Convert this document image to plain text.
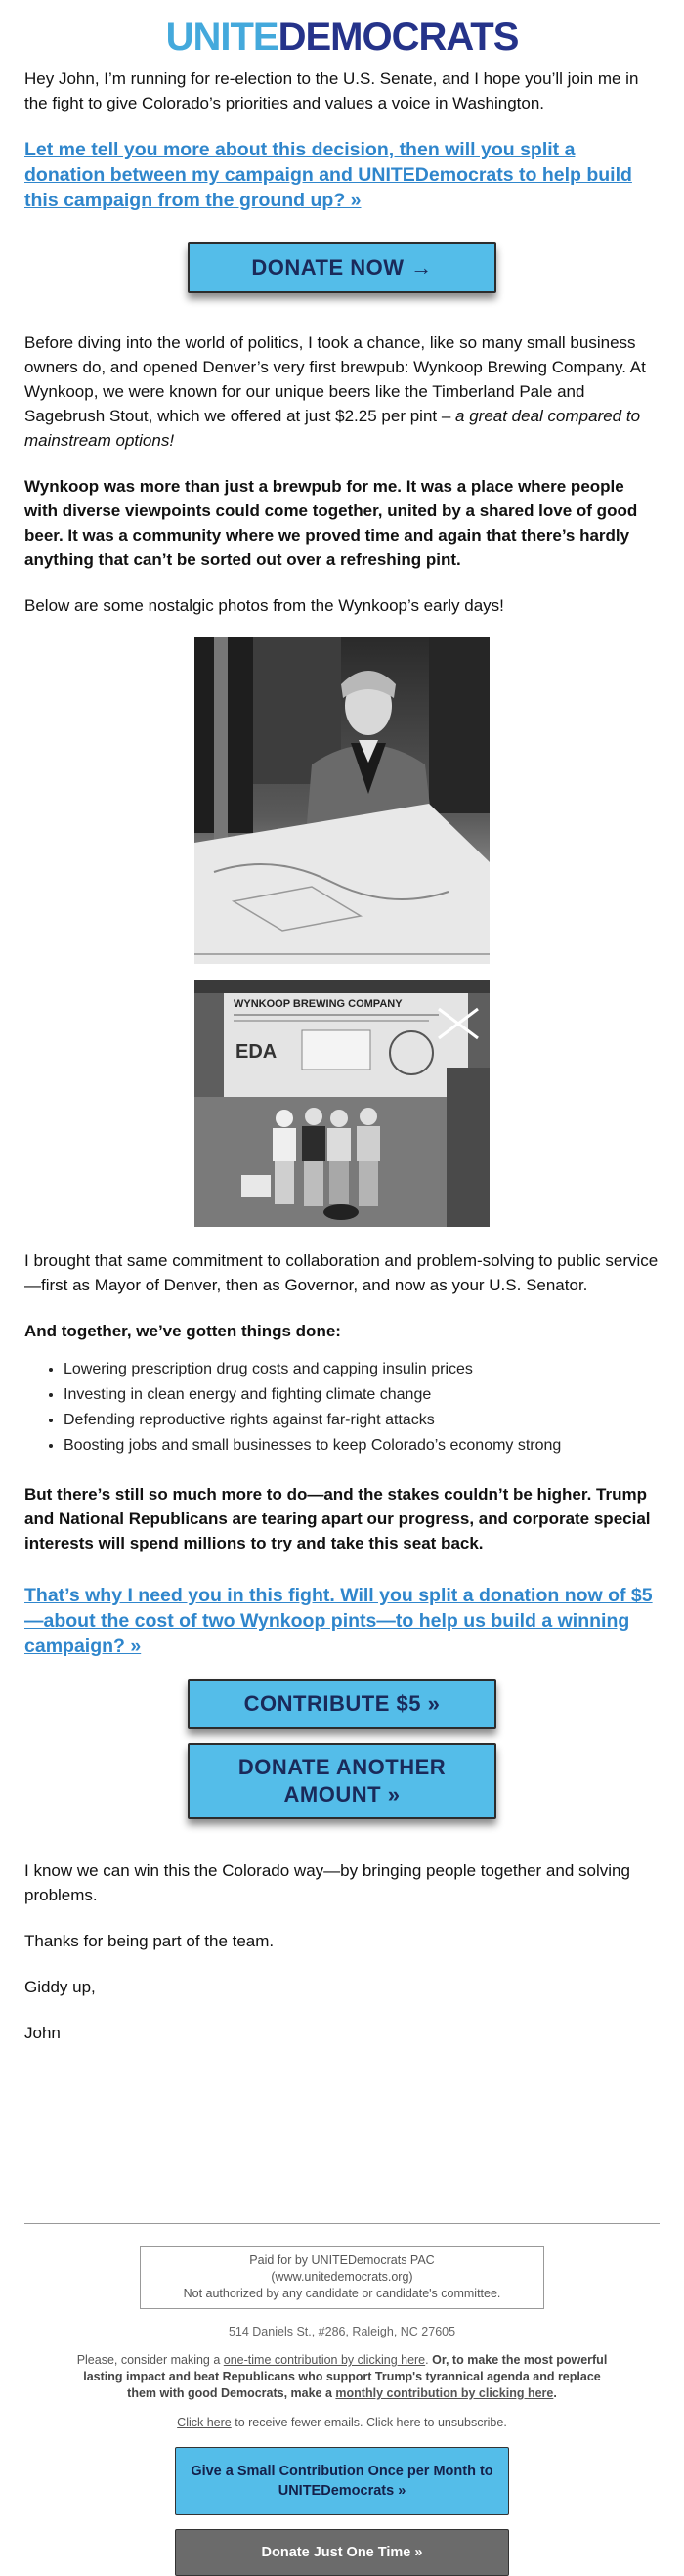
UNITEDEMOCRATS

Hey John, I’m running for re-election to the U.S. Senate, and I hope you’ll join me in the fight to give Colorado’s priorities and values a voice in Washington.

Let me tell you more about this decision, then will you split a donation between my campaign and UNITEDemocrats to help build this campaign from the ground up? »
DONATE NOW →

Before diving into the world of politics, I took a chance, like so many small business owners do, and opened Denver’s very first brewpub: Wynkoop Brewing Company. At Wynkoop, we were known for our unique beers like the Timberland Pale and Sagebrush Stout, which we offered at just $2.25 per pint – a great deal compared to mainstream options!

Wynkoop was more than just a brewpub for me. It was a place where people with diverse viewpoints could come together, united by a shared love of good beer. It was a community where we proved time and again that there’s hardly anything that can’t be sorted out over a refreshing pint.

Below are some nostalgic photos from the Wynkoop’s early days!

WYNKOOP BREWING COMPANY
EDA

I brought that same commitment to collaboration and problem-solving to public service—first as Mayor of Denver, then as Governor, and now as your U.S. Senator.

And together, we’ve gotten things done:

• Lowering prescription drug costs and capping insulin prices
• Investing in clean energy and fighting climate change
• Defending reproductive rights against far-right attacks
• Boosting jobs and small businesses to keep Colorado’s economy strong

But there’s still so much more to do—and the stakes couldn’t be higher. Trump and National Republicans are tearing apart our progress, and corporate special interests will spend millions to try and take this seat back.

That’s why I need you in this fight. Will you split a donation now of $5—about the cost of two Wynkoop pints—to help us build a winning campaign? »
CONTRIBUTE $5 »
DONATE ANOTHER
AMOUNT »

I know we can win this the Colorado way—by bringing people together and solving problems.

Thanks for being part of the team.

Giddy up,

John

Paid for by UNITEDemocrats PAC
(www.unitedemocrats.org)
Not authorized by any candidate or candidate's committee.
514 Daniels St., #286, Raleigh, NC 27605
Please, consider making a one-time contribution by clicking here. Or, to make the most powerful lasting impact and beat Republicans who support Trump's tyrannical agenda and replace them with good Democrats, make a monthly contribution by clicking here.
Click here to receive fewer emails. Click here to unsubscribe.
Give a Small Contribution Once per Month to UNITEDemocrats »
Donate Just One Time »
